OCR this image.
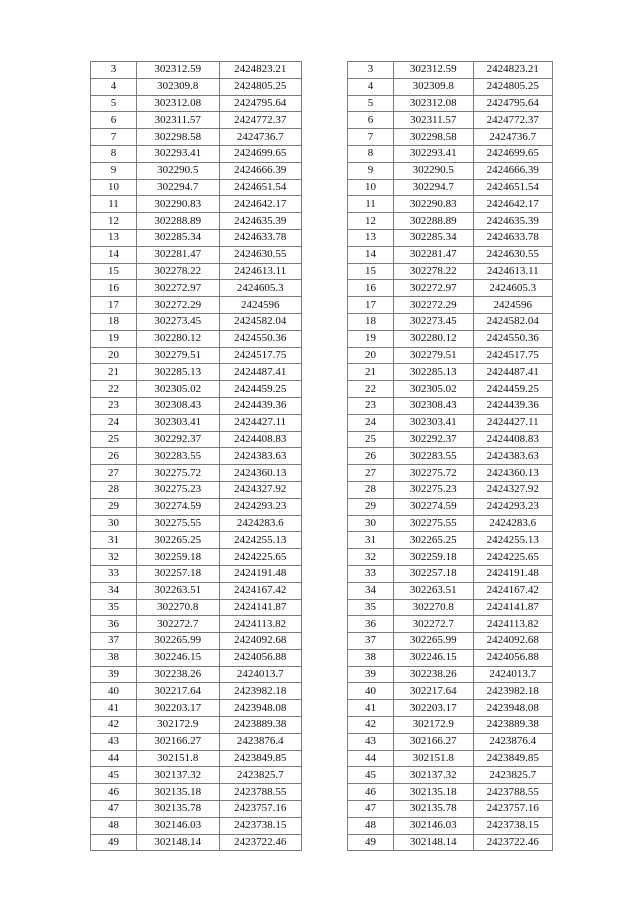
3	302312.59	2424823.21
4	302309.8	2424805.25
5	302312.08	2424795.64
6	302311.57	2424772.37
7	302298.58	2424736.7
8	302293.41	2424699.65
9	302290.5	2424666.39
10	302294.7	2424651.54
11	302290.83	2424642.17
12	302288.89	2424635.39
13	302285.34	2424633.78
14	302281.47	2424630.55
15	302278.22	2424613.11
16	302272.97	2424605.3
17	302272.29	2424596
18	302273.45	2424582.04
19	302280.12	2424550.36
20	302279.51	2424517.75
21	302285.13	2424487.41
22	302305.02	2424459.25
23	302308.43	2424439.36
24	302303.41	2424427.11
25	302292.37	2424408.83
26	302283.55	2424383.63
27	302275.72	2424360.13
28	302275.23	2424327.92
29	302274.59	2424293.23
30	302275.55	2424283.6
31	302265.25	2424255.13
32	302259.18	2424225.65
33	302257.18	2424191.48
34	302263.51	2424167.42
35	302270.8	2424141.87
36	302272.7	2424113.82
37	302265.99	2424092.68
38	302246.15	2424056.88
39	302238.26	2424013.7
40	302217.64	2423982.18
41	302203.17	2423948.08
42	302172.9	2423889.38
43	302166.27	2423876.4
44	302151.8	2423849.85
45	302137.32	2423825.7
46	302135.18	2423788.55
47	302135.78	2423757.16
48	302146.03	2423738.15
49	302148.14	2423722.46
3	302312.59	2424823.21
4	302309.8	2424805.25
5	302312.08	2424795.64
6	302311.57	2424772.37
7	302298.58	2424736.7
8	302293.41	2424699.65
9	302290.5	2424666.39
10	302294.7	2424651.54
11	302290.83	2424642.17
12	302288.89	2424635.39
13	302285.34	2424633.78
14	302281.47	2424630.55
15	302278.22	2424613.11
16	302272.97	2424605.3
17	302272.29	2424596
18	302273.45	2424582.04
19	302280.12	2424550.36
20	302279.51	2424517.75
21	302285.13	2424487.41
22	302305.02	2424459.25
23	302308.43	2424439.36
24	302303.41	2424427.11
25	302292.37	2424408.83
26	302283.55	2424383.63
27	302275.72	2424360.13
28	302275.23	2424327.92
29	302274.59	2424293.23
30	302275.55	2424283.6
31	302265.25	2424255.13
32	302259.18	2424225.65
33	302257.18	2424191.48
34	302263.51	2424167.42
35	302270.8	2424141.87
36	302272.7	2424113.82
37	302265.99	2424092.68
38	302246.15	2424056.88
39	302238.26	2424013.7
40	302217.64	2423982.18
41	302203.17	2423948.08
42	302172.9	2423889.38
43	302166.27	2423876.4
44	302151.8	2423849.85
45	302137.32	2423825.7
46	302135.18	2423788.55
47	302135.78	2423757.16
48	302146.03	2423738.15
49	302148.14	2423722.46
